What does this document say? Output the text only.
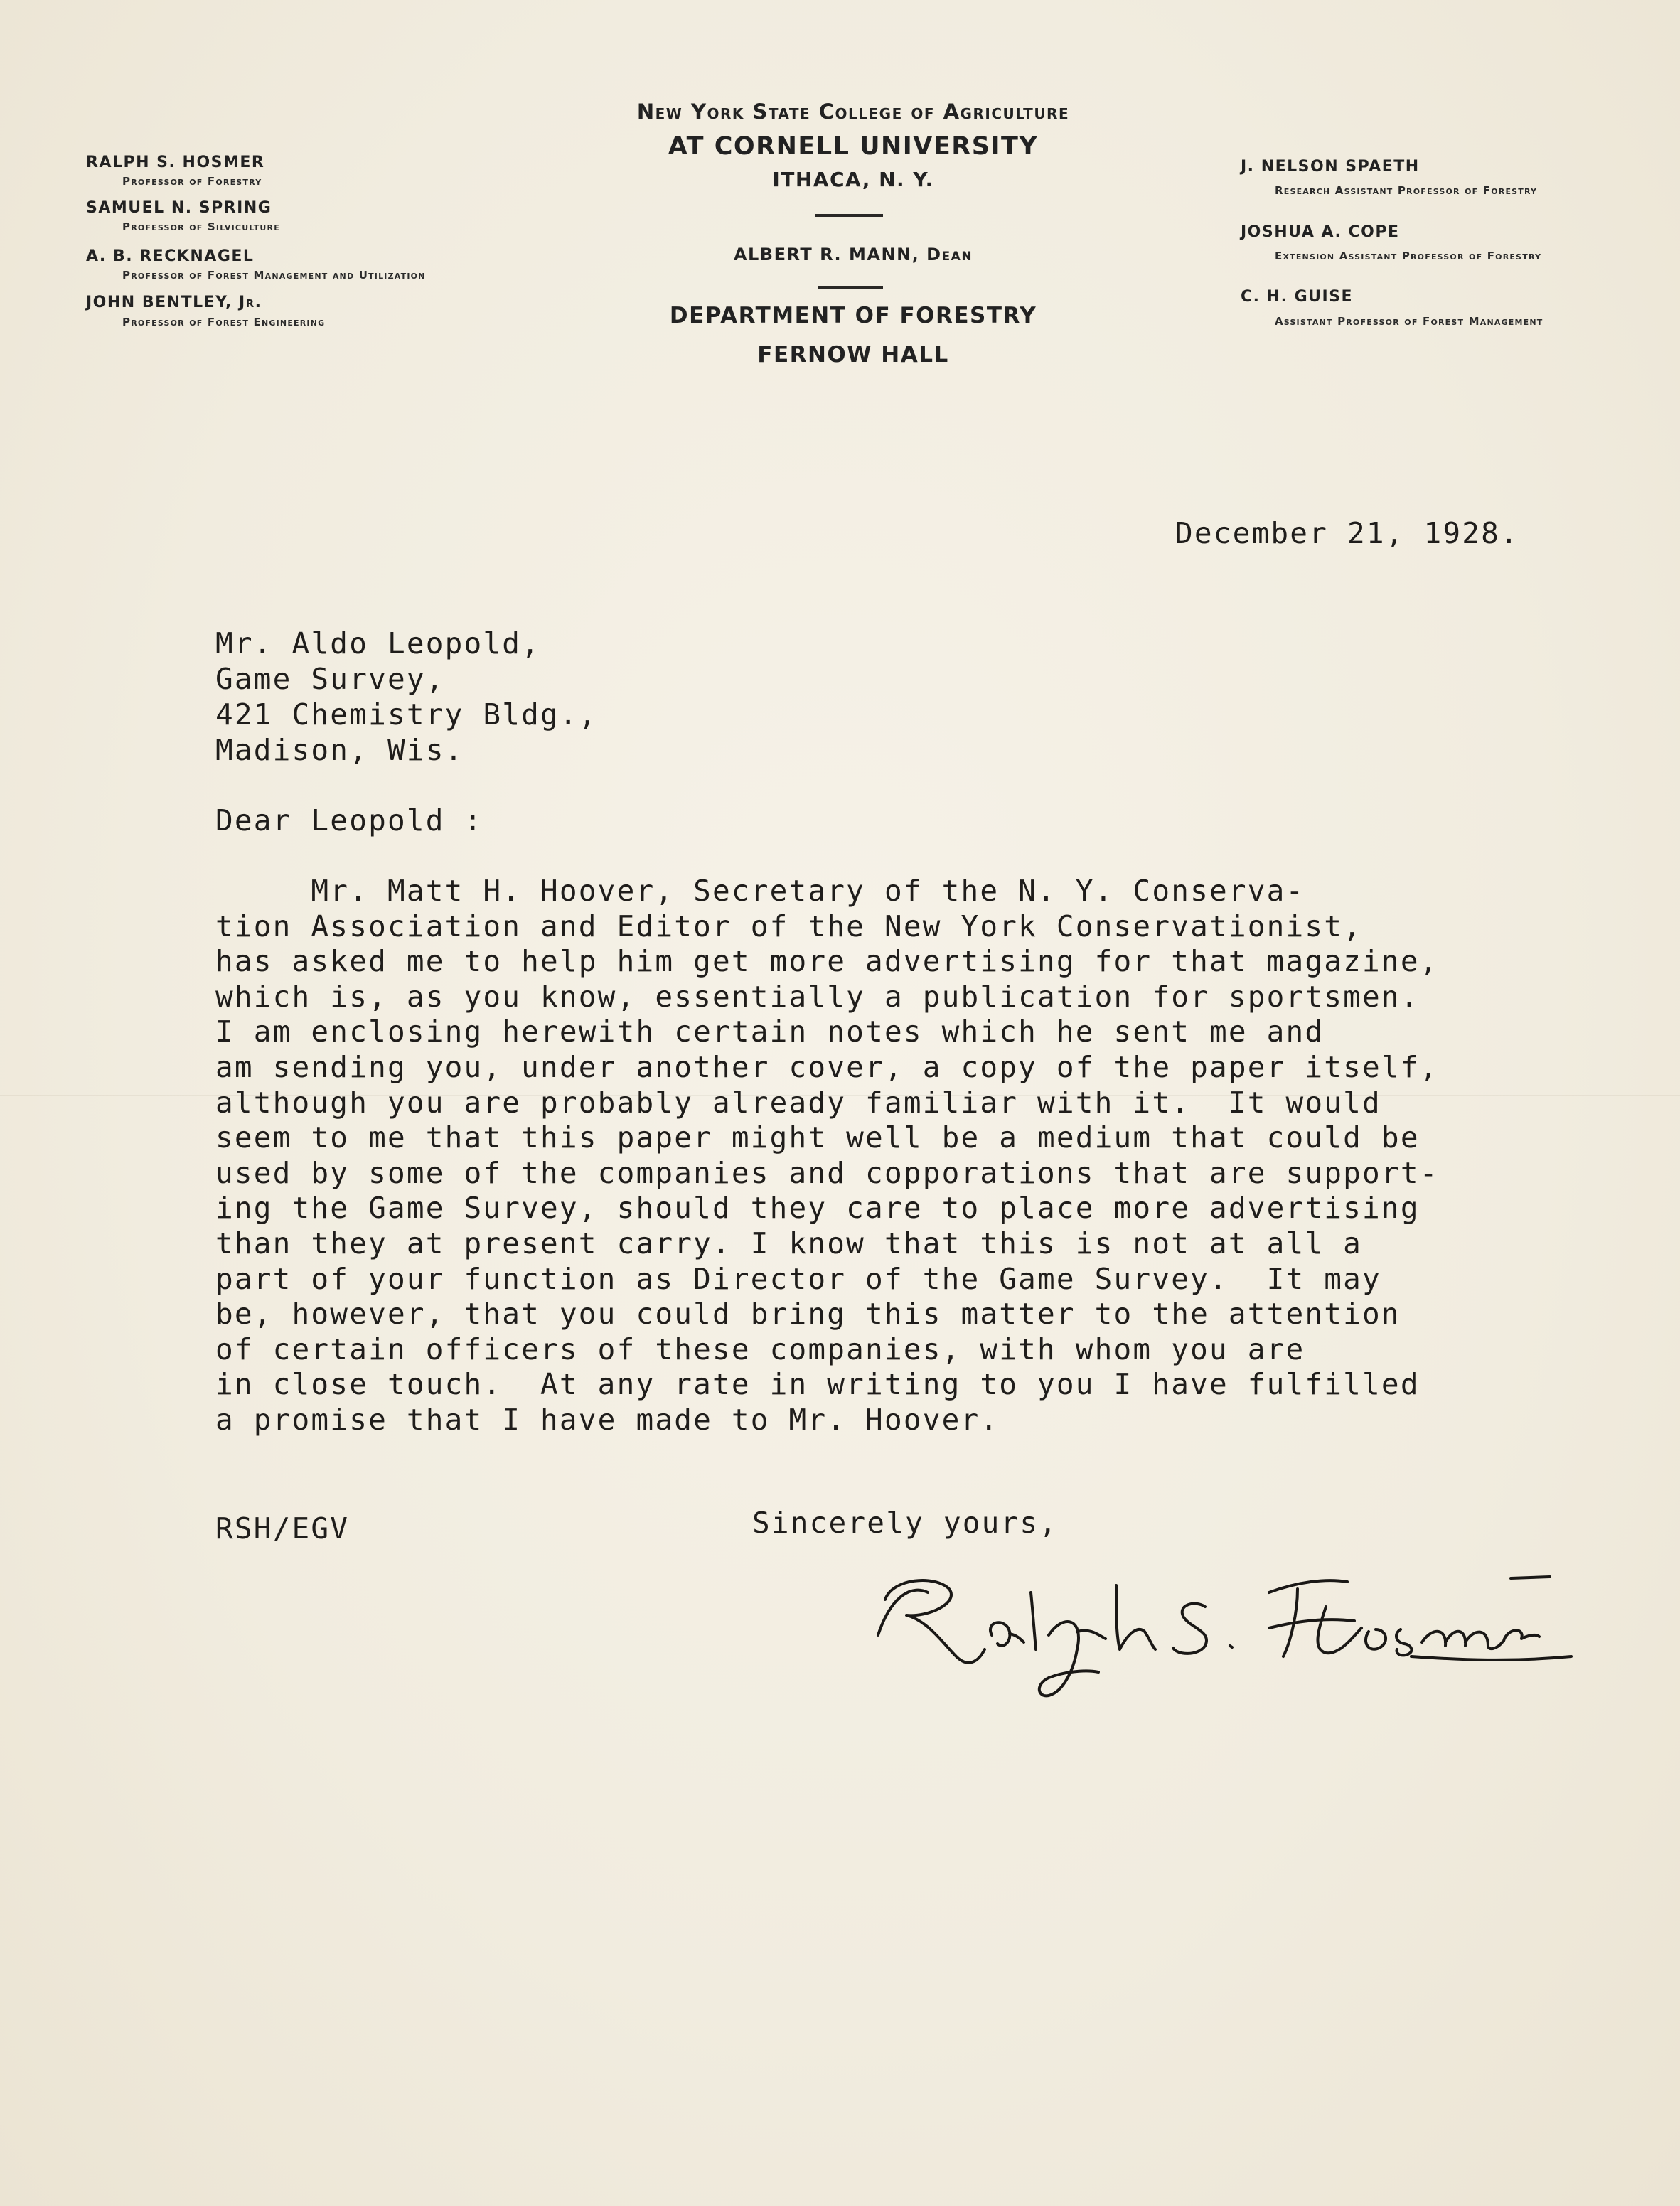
New York State College of Agriculture
AT CORNELL UNIVERSITY
ITHACA, N. Y.
ALBERT R. MANN, Dean
DEPARTMENT OF FORESTRY
FERNOW HALL
RALPH S. HOSMER
Professor of Forestry
SAMUEL N. SPRING
Professor of Silviculture
A. B. RECKNAGEL
Professor of Forest Management and Utilization
JOHN BENTLEY, Jr.
Professor of Forest Engineering
J. NELSON SPAETH
Research Assistant Professor of Forestry
JOSHUA A. COPE
Extension Assistant Professor of Forestry
C. H. GUISE
Assistant Professor of Forest Management
December 21, 1928.
Mr. Aldo Leopold,
Game Survey,
421 Chemistry Bldg.,
Madison, Wis.
Dear Leopold :
Mr. Matt H. Hoover, Secretary of the N. Y. Conserva-
tion Association and Editor of the New York Conservationist,
has asked me to help him get more advertising for that magazine,
which is, as you know, essentially a publication for sportsmen.
I am enclosing herewith certain notes which he sent me and
am sending you, under another cover, a copy of the paper itself,
although you are probably already familiar with it.  It would
seem to me that this paper might well be a medium that could be
used by some of the companies and copporations that are support-
ing the Game Survey, should they care to place more advertising
than they at present carry. I know that this is not at all a
part of your function as Director of the Game Survey.  It may
be, however, that you could bring this matter to the attention
of certain officers of these companies, with whom you are
in close touch.  At any rate in writing to you I have fulfilled
a promise that I have made to Mr. Hoover.
RSH/EGV	Sincerely yours,
